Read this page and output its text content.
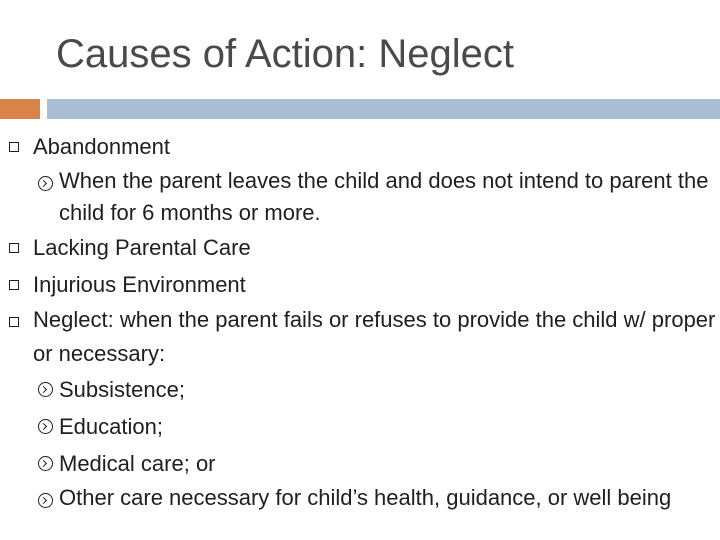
Causes of Action: Neglect
Abandonment
When the parent leaves the child and does not intend to parent the child for 6 months or more.
Lacking Parental Care
Injurious Environment
Neglect: when the parent fails or refuses to provide the child w/ proper or necessary:
Subsistence;
Education;
Medical care; or
Other care necessary for child’s health, guidance, or well being
